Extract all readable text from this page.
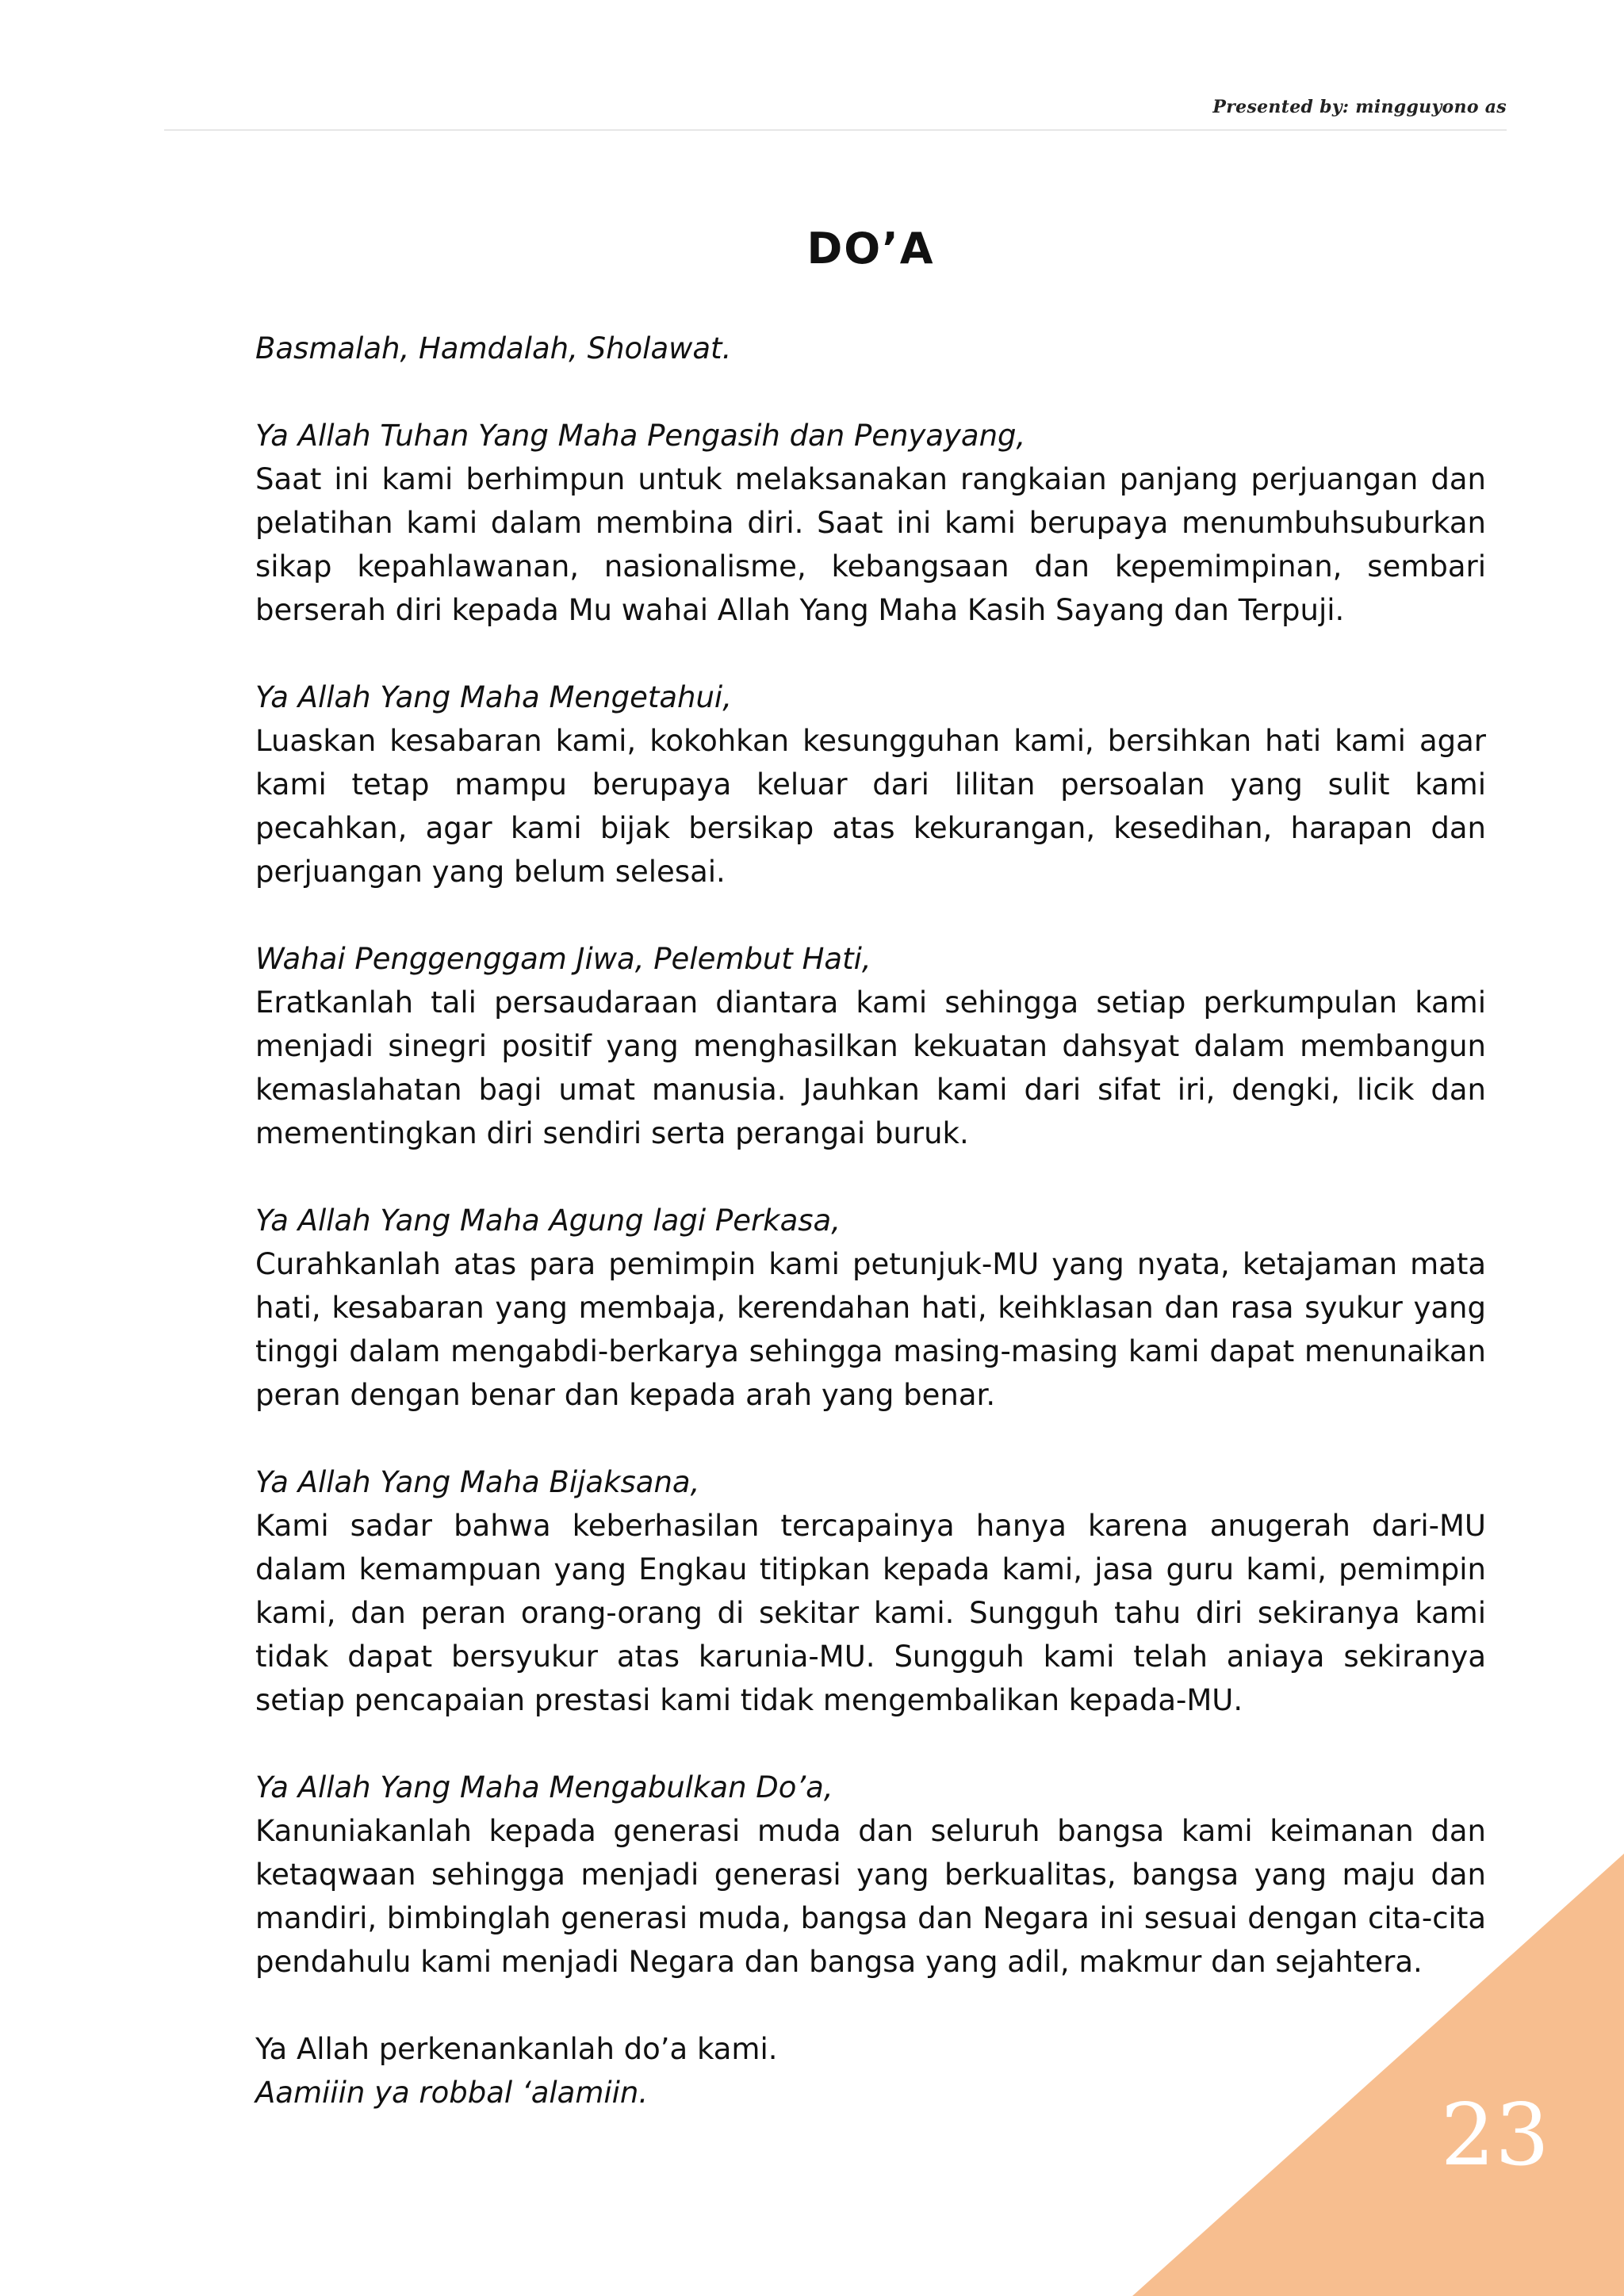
Presented by: mingguyono as
DO’A

Basmalah, Hamdalah, Sholawat.

Ya Allah Tuhan Yang Maha Pengasih dan Penyayang,

Saat ini kami berhimpun untuk melaksanakan rangkaian panjang perjuangan dan pelatihan kami dalam membina diri. Saat ini kami berupaya menumbuhsuburkan sikap kepahlawanan, nasionalisme, kebangsaan dan kepemimpinan, sembari berserah diri kepada Mu wahai Allah Yang Maha Kasih Sayang dan Terpuji.

Ya Allah Yang Maha Mengetahui,

Luaskan kesabaran kami, kokohkan kesungguhan kami, bersihkan hati kami agar kami tetap mampu berupaya keluar dari lilitan persoalan yang sulit kami pecahkan, agar kami bijak bersikap atas kekurangan, kesedihan, harapan dan perjuangan yang belum selesai.

Wahai Penggenggam Jiwa, Pelembut Hati,

Eratkanlah tali persaudaraan diantara kami sehingga setiap perkumpulan kami menjadi sinegri positif yang menghasilkan kekuatan dahsyat dalam membangun kemaslahatan bagi umat manusia. Jauhkan kami dari sifat iri, dengki, licik dan mementingkan diri sendiri serta perangai buruk.

Ya Allah Yang Maha Agung lagi Perkasa,

Curahkanlah atas para pemimpin kami petunjuk-MU yang nyata, ketajaman mata hati, kesabaran yang membaja, kerendahan hati, keihklasan dan rasa syukur yang tinggi dalam mengabdi-berkarya sehingga masing-masing kami dapat menunaikan peran dengan benar dan kepada arah yang benar.

Ya Allah Yang Maha Bijaksana,

Kami sadar bahwa keberhasilan tercapainya hanya karena anugerah dari-MU dalam kemampuan yang Engkau titipkan kepada kami, jasa guru kami, pemimpin kami, dan peran orang-orang di sekitar kami. Sungguh tahu diri sekiranya kami tidak dapat bersyukur atas karunia-MU. Sungguh kami telah aniaya sekiranya setiap pencapaian prestasi kami tidak mengembalikan kepada-MU.

Ya Allah Yang Maha Mengabulkan Do’a,

Kanuniakanlah kepada generasi muda dan seluruh bangsa kami keimanan dan ketaqwaan sehingga menjadi generasi yang berkualitas, bangsa yang maju dan mandiri, bimbinglah generasi muda, bangsa dan Negara ini sesuai dengan cita-cita pendahulu kami menjadi Negara dan bangsa yang adil, makmur dan sejahtera.

Ya Allah perkenankanlah do’a kami.

Aamiiin ya robbal ‘alamiin.	23
